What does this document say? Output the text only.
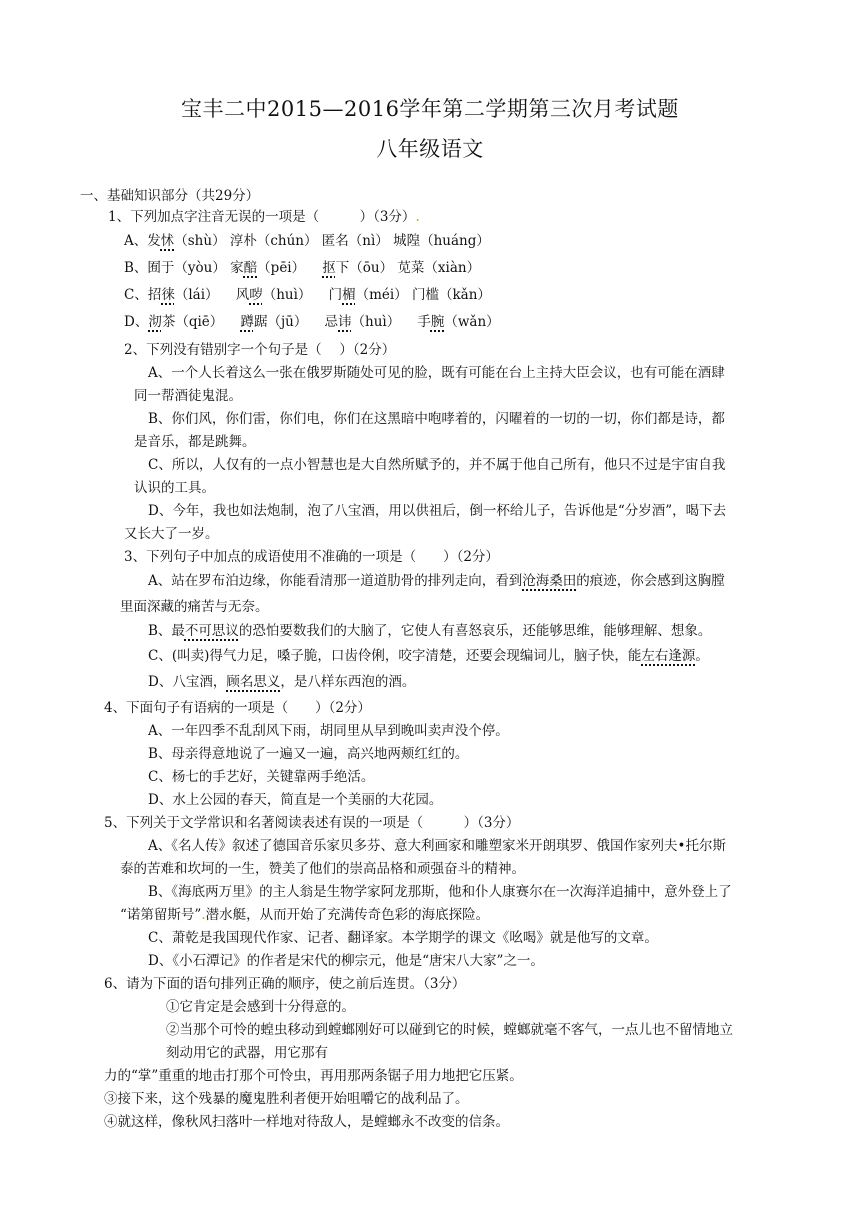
宝丰二中2015—2016学年第二学期第三次月考试题
八年级语文
一、基础知识部分（共29分）
1、下列加点字注音无误的一项是（　　　）（3分）.
A、发怵（shù） 淳朴（chún） 匿名（nì） 城隍（huáng）
B、囿于（yòu） 家醅（pēi）    抠下（ōu） 苋菜（xiàn）
C、招徕（lái）    风哕（huì）    门楣（méi） 门槛（kǎn）
D、沏茶（qiē）    蹲踞（jū）    忌讳（huì）    手腕（wǎn）
2、下列没有错别字一个句子是（　 ）（2分）
A、一个人长着这么一张在俄罗斯随处可见的脸，既有可能在台上主持大臣会议，也有可能在酒肆
同一帮酒徒鬼混。
B、你们风，你们雷，你们电，你们在这黑暗中咆哮着的，闪曜着的一切的一切，你们都是诗，都
是音乐，都是跳舞。
C、所以，人仅有的一点小智慧也是大自然所赋予的，并不属于他自己所有，他只不过是宇宙自我
认识的工具。
D、今年，我也如法炮制，泡了八宝酒，用以供祖后，倒一杯给儿子，告诉他是“分岁酒”，喝下去
又长大了一岁。
3、下列句子中加点的成语使用不准确的一项是（　　）（2分）
A、站在罗布泊边缘，你能看清那一道道肋骨的排列走向，看到沧海桑田的痕迹，你会感到这胸膛
里面深藏的痛苦与无奈。
B、最不可思议的恐怕要数我们的大脑了，它使人有喜怒哀乐，还能够思维，能够理解、想象。
C、(叫卖)得气力足，嗓子脆，口齿伶俐，咬字清楚，还要会现编词儿，脑子快，能左右逢源。
D、八宝酒，顾名思义，是八样东西泡的酒。
4、下面句子有语病的一项是（　　）（2分）
A、一年四季不乱刮风下雨，胡同里从早到晚叫卖声没个停。
B、母亲得意地说了一遍又一遍，高兴地两颊红红的。
C、杨七的手艺好，关键靠两手绝活。
D、水上公园的春天，简直是一个美丽的大花园。
5、下列关于文学常识和名著阅读表述有误的一项是（　　　）（3分）
A、《名人传》叙述了德国音乐家贝多芬、意大利画家和雕塑家米开朗琪罗、俄国作家列夫•托尔斯
泰的苦难和坎坷的一生，赞美了他们的崇高品格和顽强奋斗的精神。
B、《海底两万里》的主人翁是生物学家阿龙那斯，他和仆人康赛尔在一次海洋追捕中，意外登上了
“诺第留斯号”.潜水艇，从而开始了充满传奇色彩的海底探险。
C、萧乾是我国现代作家、记者、翻译家。本学期学的课文《吆喝》就是他写的文章。
D、《小石潭记》的作者是宋代的柳宗元，他是“唐宋八大家”之一。
6、请为下面的语句排列正确的顺序，使之前后连贯。（3分）
①它肯定是会感到十分得意的。
②当那个可怜的蝗虫移动到螳螂刚好可以碰到它的时候，螳螂就毫不客气，一点儿也不留情地立
刻动用它的武器，用它那有
力的“掌”重重的地击打那个可怜虫，再用那两条锯子用力地把它压紧。
③接下来，这个残暴的魔鬼胜利者便开始咀嚼它的战利品了。
④就这样，像秋风扫落叶一样地对待敌人，是螳螂永不改变的信条。
